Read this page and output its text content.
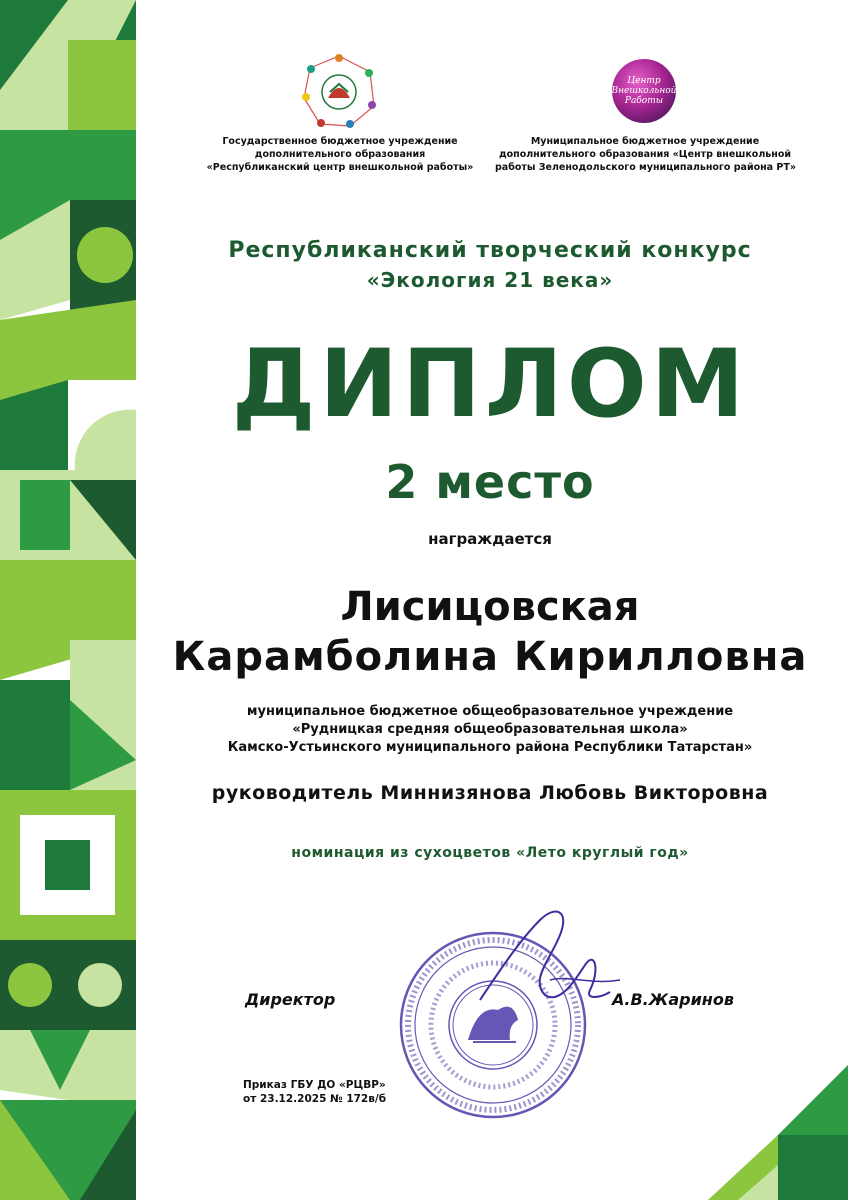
Центр
Внешкольной
Работы
Государственное бюджетное учреждение
дополнительного образования
«Республиканский центр внешкольной работы»
Муниципальное бюджетное учреждение
дополнительного образования «Центр внешкольной
работы Зеленодольского муниципального района РТ»
Республиканский творческий конкурс
«Экология 21 века»
ДИПЛОМ
2 место
награждается
Лисицовская
Карамболина Кирилловна
муниципальное бюджетное общеобразовательное учреждение
«Рудницкая средняя общеобразовательная школа»
Камско-Устьинского муниципального района Республики Татарстан»
руководитель Миннизянова Любовь Викторовна
номинация из сухоцветов «Лето круглый год»
Директор	А.В.Жаринов
Приказ ГБУ ДО «РЦВР»
от 23.12.2025 № 172в/б
